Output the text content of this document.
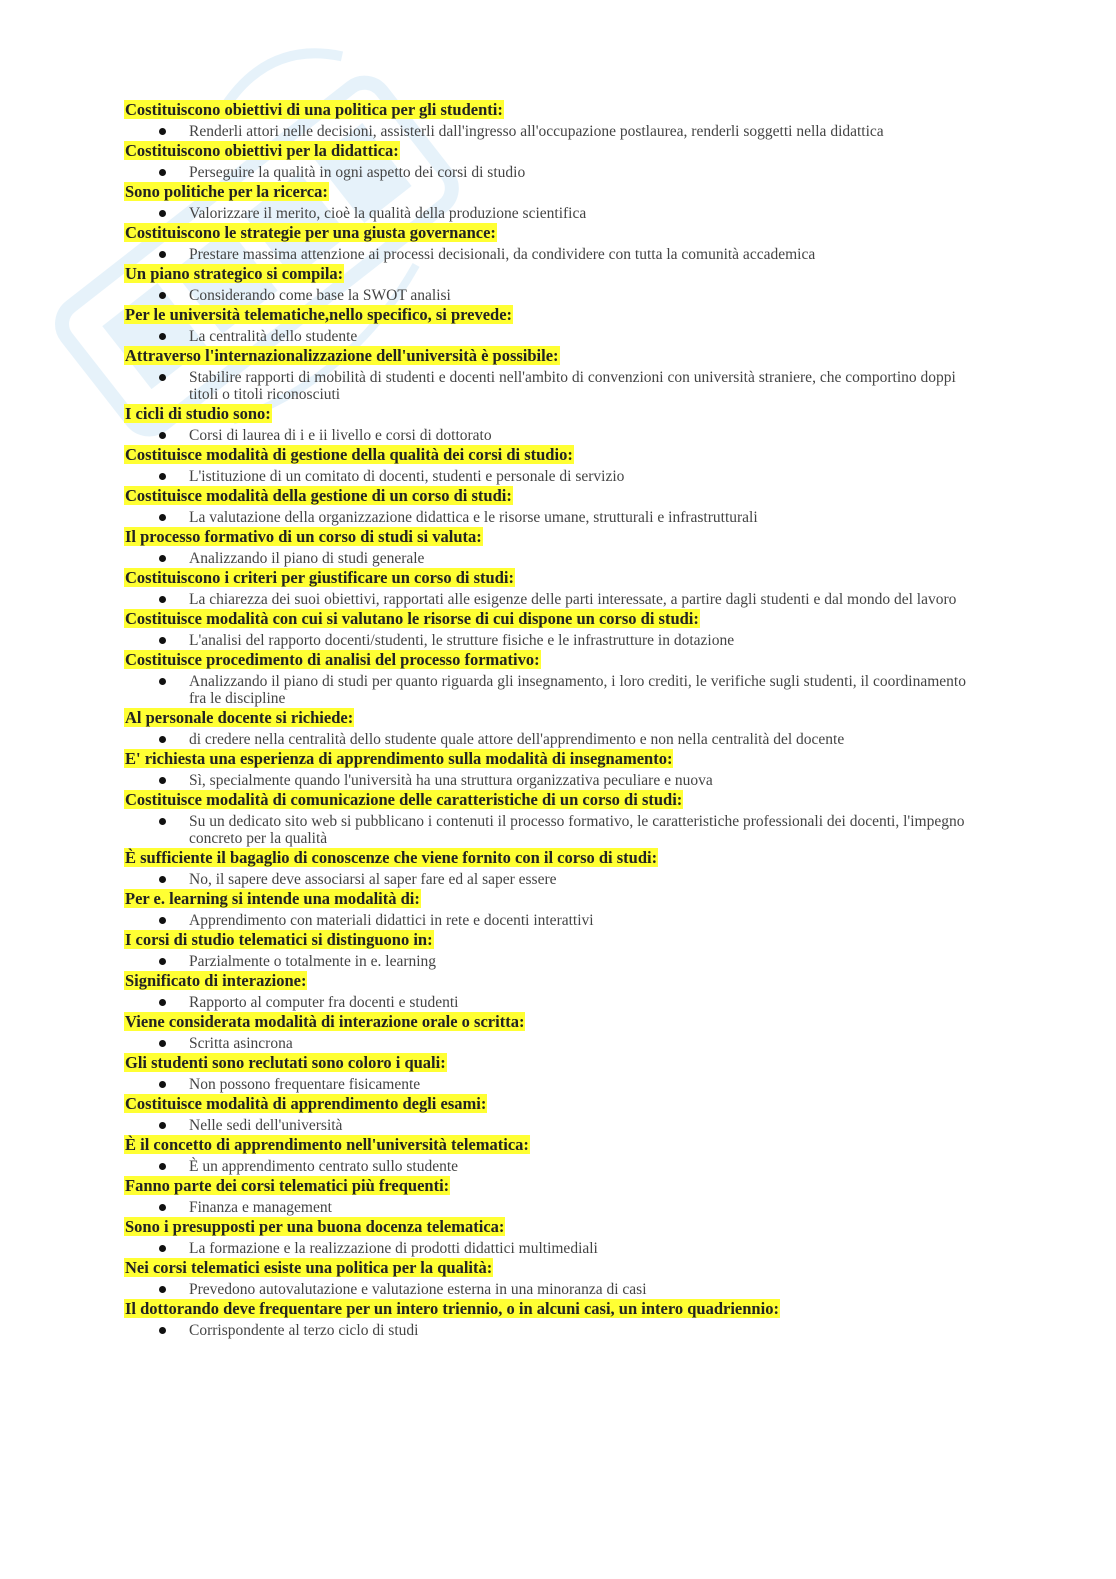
Costituiscono obiettivi di una politica per gli studenti:
Renderli attori nelle decisioni, assisterli dall'ingresso all'occupazione postlaurea, renderli soggetti nella didattica
Costituiscono obiettivi per la didattica:
Perseguire la qualità in ogni aspetto dei corsi di studio
Sono politiche per la ricerca:
Valorizzare il merito, cioè la qualità della produzione scientifica
Costituiscono le strategie per una giusta governance:
Prestare massima attenzione ai processi decisionali, da condividere con tutta la comunità accademica
Un piano strategico si compila:
Considerando come base la SWOT analisi
Per le università telematiche,nello specifico, si prevede:
La centralità dello studente
Attraverso l'internazionalizzazione dell'università è possibile:
Stabilire rapporti di mobilità di studenti e docenti nell'ambito di convenzioni con università straniere, che comportino doppi titoli o titoli riconosciuti
I cicli di studio sono:
Corsi di laurea di i e ii livello e corsi di dottorato
Costituisce modalità di gestione della qualità dei corsi di studio:
L'istituzione di un comitato di docenti, studenti e personale di servizio
Costituisce modalità della gestione di un corso di studi:
La valutazione della organizzazione didattica e le risorse umane, strutturali e infrastrutturali
Il processo formativo di un corso di studi si valuta:
Analizzando il piano di studi generale
Costituiscono i criteri per giustificare un corso di studi:
La chiarezza dei suoi obiettivi, rapportati alle esigenze delle parti interessate, a partire dagli studenti e dal mondo del lavoro
Costituisce modalità con cui si valutano le risorse di cui dispone un corso di studi:
L'analisi del rapporto docenti/studenti, le strutture fisiche e le infrastrutture in dotazione
Costituisce procedimento di analisi del processo formativo:
Analizzando il piano di studi per quanto riguarda gli insegnamento, i loro crediti, le verifiche sugli studenti, il coordinamento fra le discipline
Al personale docente si richiede:
di credere nella centralità dello studente quale attore dell'apprendimento e non nella centralità del docente
E' richiesta una esperienza di apprendimento sulla modalità di insegnamento:
Sì, specialmente quando l'università ha una struttura organizzativa peculiare e nuova
Costituisce modalità di comunicazione delle caratteristiche di un corso di studi:
Su un dedicato sito web si pubblicano i contenuti il processo formativo, le caratteristiche professionali dei docenti, l'impegno concreto per la qualità
È sufficiente il bagaglio di conoscenze che viene fornito con il corso di studi:
No, il sapere deve associarsi al saper fare ed al saper essere
Per e. learning si intende una modalità di:
Apprendimento con materiali didattici in rete e docenti interattivi
I corsi di studio telematici si distinguono in:
Parzialmente o totalmente in e. learning
Significato di interazione:
Rapporto al computer fra docenti e studenti
Viene considerata modalità di interazione orale o scritta:
Scritta asincrona
Gli studenti sono reclutati sono coloro i quali:
Non possono frequentare fisicamente
Costituisce modalità di apprendimento degli esami:
Nelle sedi dell'università
È il concetto di apprendimento nell'università telematica:
È un apprendimento centrato sullo studente
Fanno parte dei corsi telematici più frequenti:
Finanza e management
Sono i presupposti per una buona docenza telematica:
La formazione e la realizzazione di prodotti didattici multimediali
Nei corsi telematici esiste una politica per la qualità:
Prevedono autovalutazione e valutazione esterna in una minoranza di casi
Il dottorando deve frequentare per un intero triennio, o in alcuni casi, un intero quadriennio:
Corrispondente al terzo ciclo di studi
